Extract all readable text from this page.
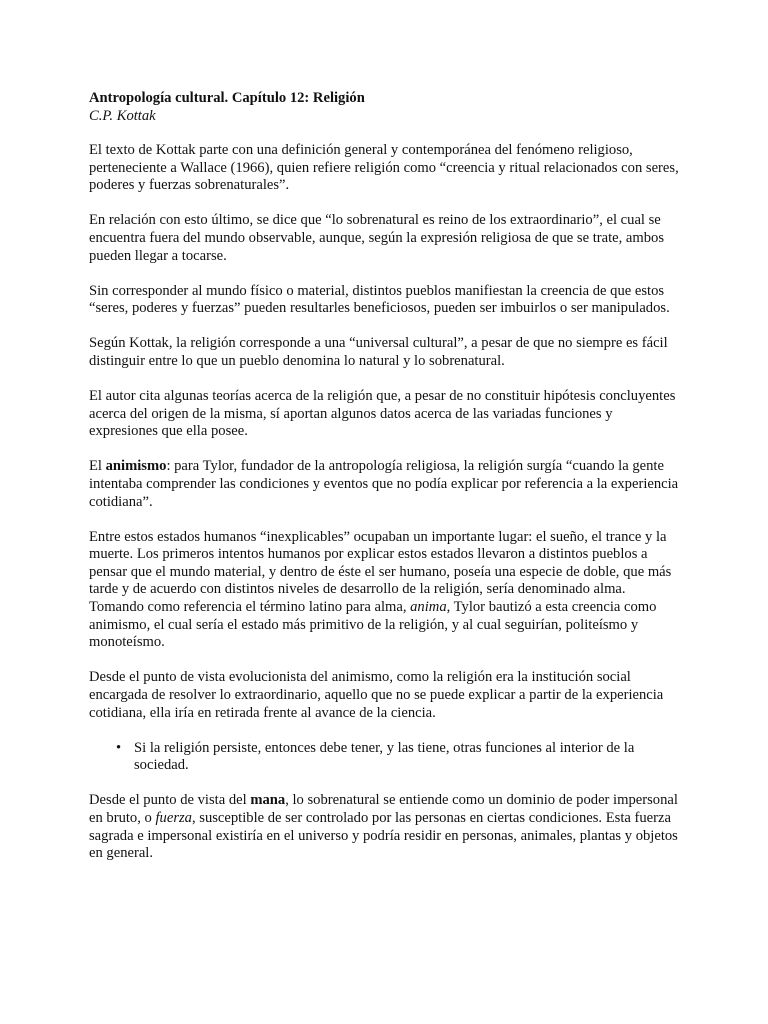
Antropología cultural. Capítulo 12: Religión
C.P. Kottak

El texto de Kottak parte con una definición general y contemporánea del fenómeno religioso, perteneciente a Wallace (1966), quien refiere religión como “creencia y ritual relacionados con seres, poderes y fuerzas sobrenaturales”.

En relación con esto último, se dice que “lo sobrenatural es reino de los extraordinario”, el cual se encuentra fuera del mundo observable, aunque, según la expresión religiosa de que se trate, ambos pueden llegar a tocarse.

Sin corresponder al mundo físico o material, distintos pueblos manifiestan la creencia de que estos “seres, poderes y fuerzas” pueden resultarles beneficiosos, pueden ser imbuirlos o ser manipulados.

Según Kottak, la religión corresponde a una “universal cultural”, a pesar de que no siempre es fácil distinguir entre lo que un pueblo denomina lo natural y lo sobrenatural.

El autor cita algunas teorías acerca de la religión que, a pesar de no constituir hipótesis concluyentes acerca del origen de la misma, sí aportan algunos datos acerca de las variadas funciones y expresiones que ella posee.

El animismo: para Tylor, fundador de la antropología religiosa, la religión surgía “cuando la gente intentaba comprender las condiciones y eventos que no podía explicar por referencia a la experiencia cotidiana”.

Entre estos estados humanos “inexplicables” ocupaban un importante lugar: el sueño, el trance y la muerte. Los primeros intentos humanos por explicar estos estados llevaron a distintos pueblos a pensar que el mundo material, y dentro de éste el ser humano, poseía una especie de doble, que más tarde y de acuerdo con distintos niveles de desarrollo de la religión, sería denominado alma. Tomando como referencia el término latino para alma, anima, Tylor bautizó a esta creencia como animismo, el cual sería el estado más primitivo de la religión, y al cual seguirían, politeísmo y monoteísmo.

Desde el punto de vista evolucionista del animismo, como la religión era la institución social encargada de resolver lo extraordinario, aquello que no se puede explicar a partir de la experiencia cotidiana, ella iría en retirada frente al avance de la ciencia.

• Si la religión persiste, entonces debe tener, y las tiene, otras funciones al interior de la sociedad.

Desde el punto de vista del mana, lo sobrenatural se entiende como un dominio de poder impersonal en bruto, o fuerza, susceptible de ser controlado por las personas en ciertas condiciones. Esta fuerza sagrada e impersonal existiría en el universo y podría residir en personas, animales, plantas y objetos en general.
